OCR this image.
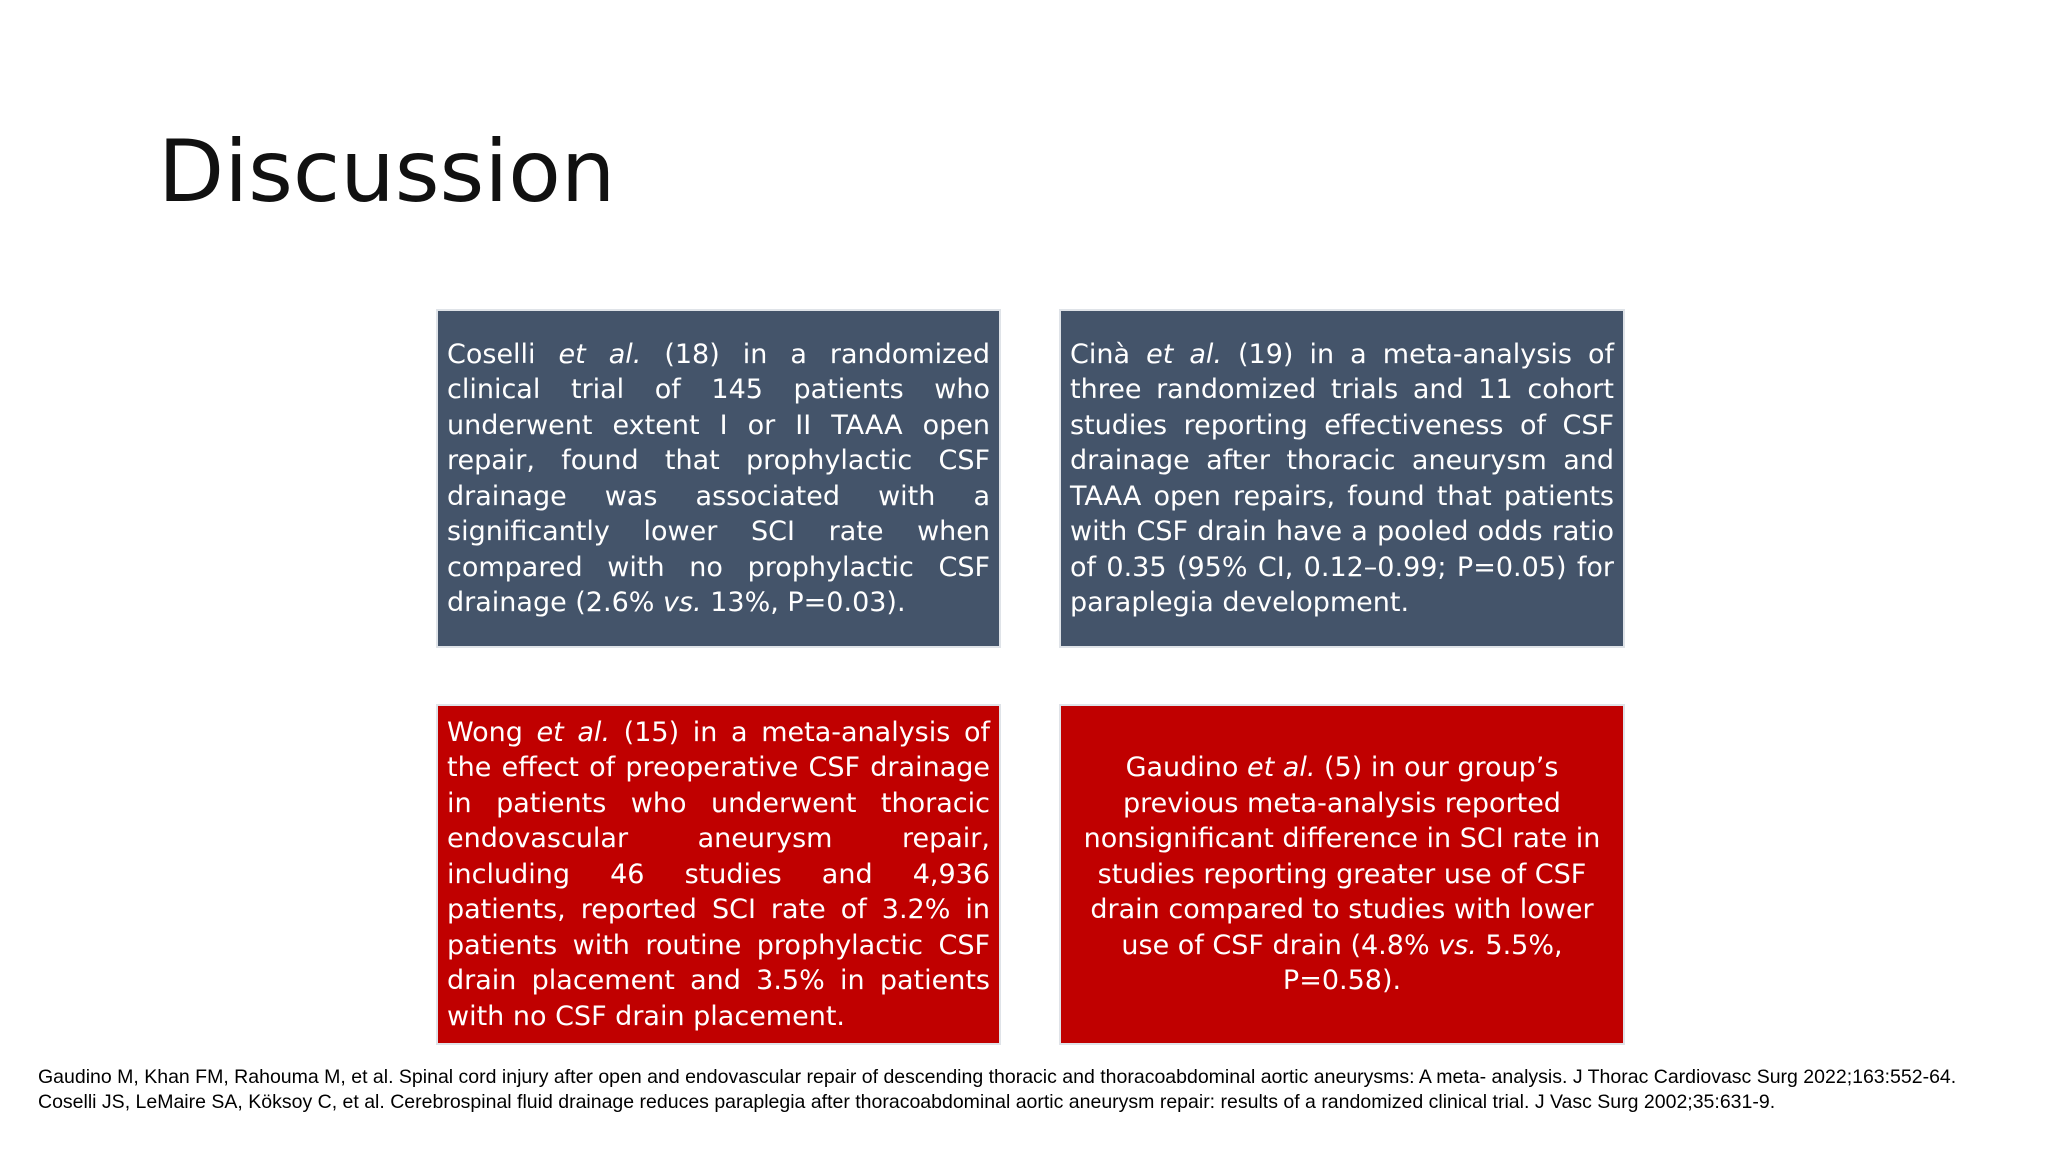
Discussion
Coselli et al. (18) in a randomized clinical trial of 145 patients who underwent extent I or II TAAA open repair, found that prophylactic CSF drainage was associated with a significantly lower SCI rate when compared with no prophylactic CSF drainage (2.6% vs. 13%, P=0.03).
Cinà et al. (19) in a meta-analysis of three randomized trials and 11 cohort studies reporting effectiveness of CSF drainage after thoracic aneurysm and TAAA open repairs, found that patients with CSF drain have a pooled odds ratio of 0.35 (95% CI, 0.12–0.99; P=0.05) for paraplegia development.
Wong et al. (15) in a meta-analysis of the effect of preoperative CSF drainage in patients who underwent thoracic endovascular aneurysm repair, including 46 studies and 4,936 patients, reported SCI rate of 3.2% in patients with routine prophylactic CSF drain placement and 3.5% in patients with no CSF drain placement.
Gaudino et al. (5) in our group’s previous meta-analysis reported nonsignificant difference in SCI rate in studies reporting greater use of CSF drain compared to studies with lower use of CSF drain (4.8% vs. 5.5%, P=0.58).

Gaudino M, Khan FM, Rahouma M, et al. Spinal cord injury after open and endovascular repair of descending thoracic and thoracoabdominal aortic aneurysms: A meta- analysis. J Thorac Cardiovasc Surg 2022;163:552-64.

Coselli JS, LeMaire SA, Köksoy C, et al. Cerebrospinal fluid drainage reduces paraplegia after thoracoabdominal aortic aneurysm repair: results of a randomized clinical trial. J Vasc Surg 2002;35:631-9.
